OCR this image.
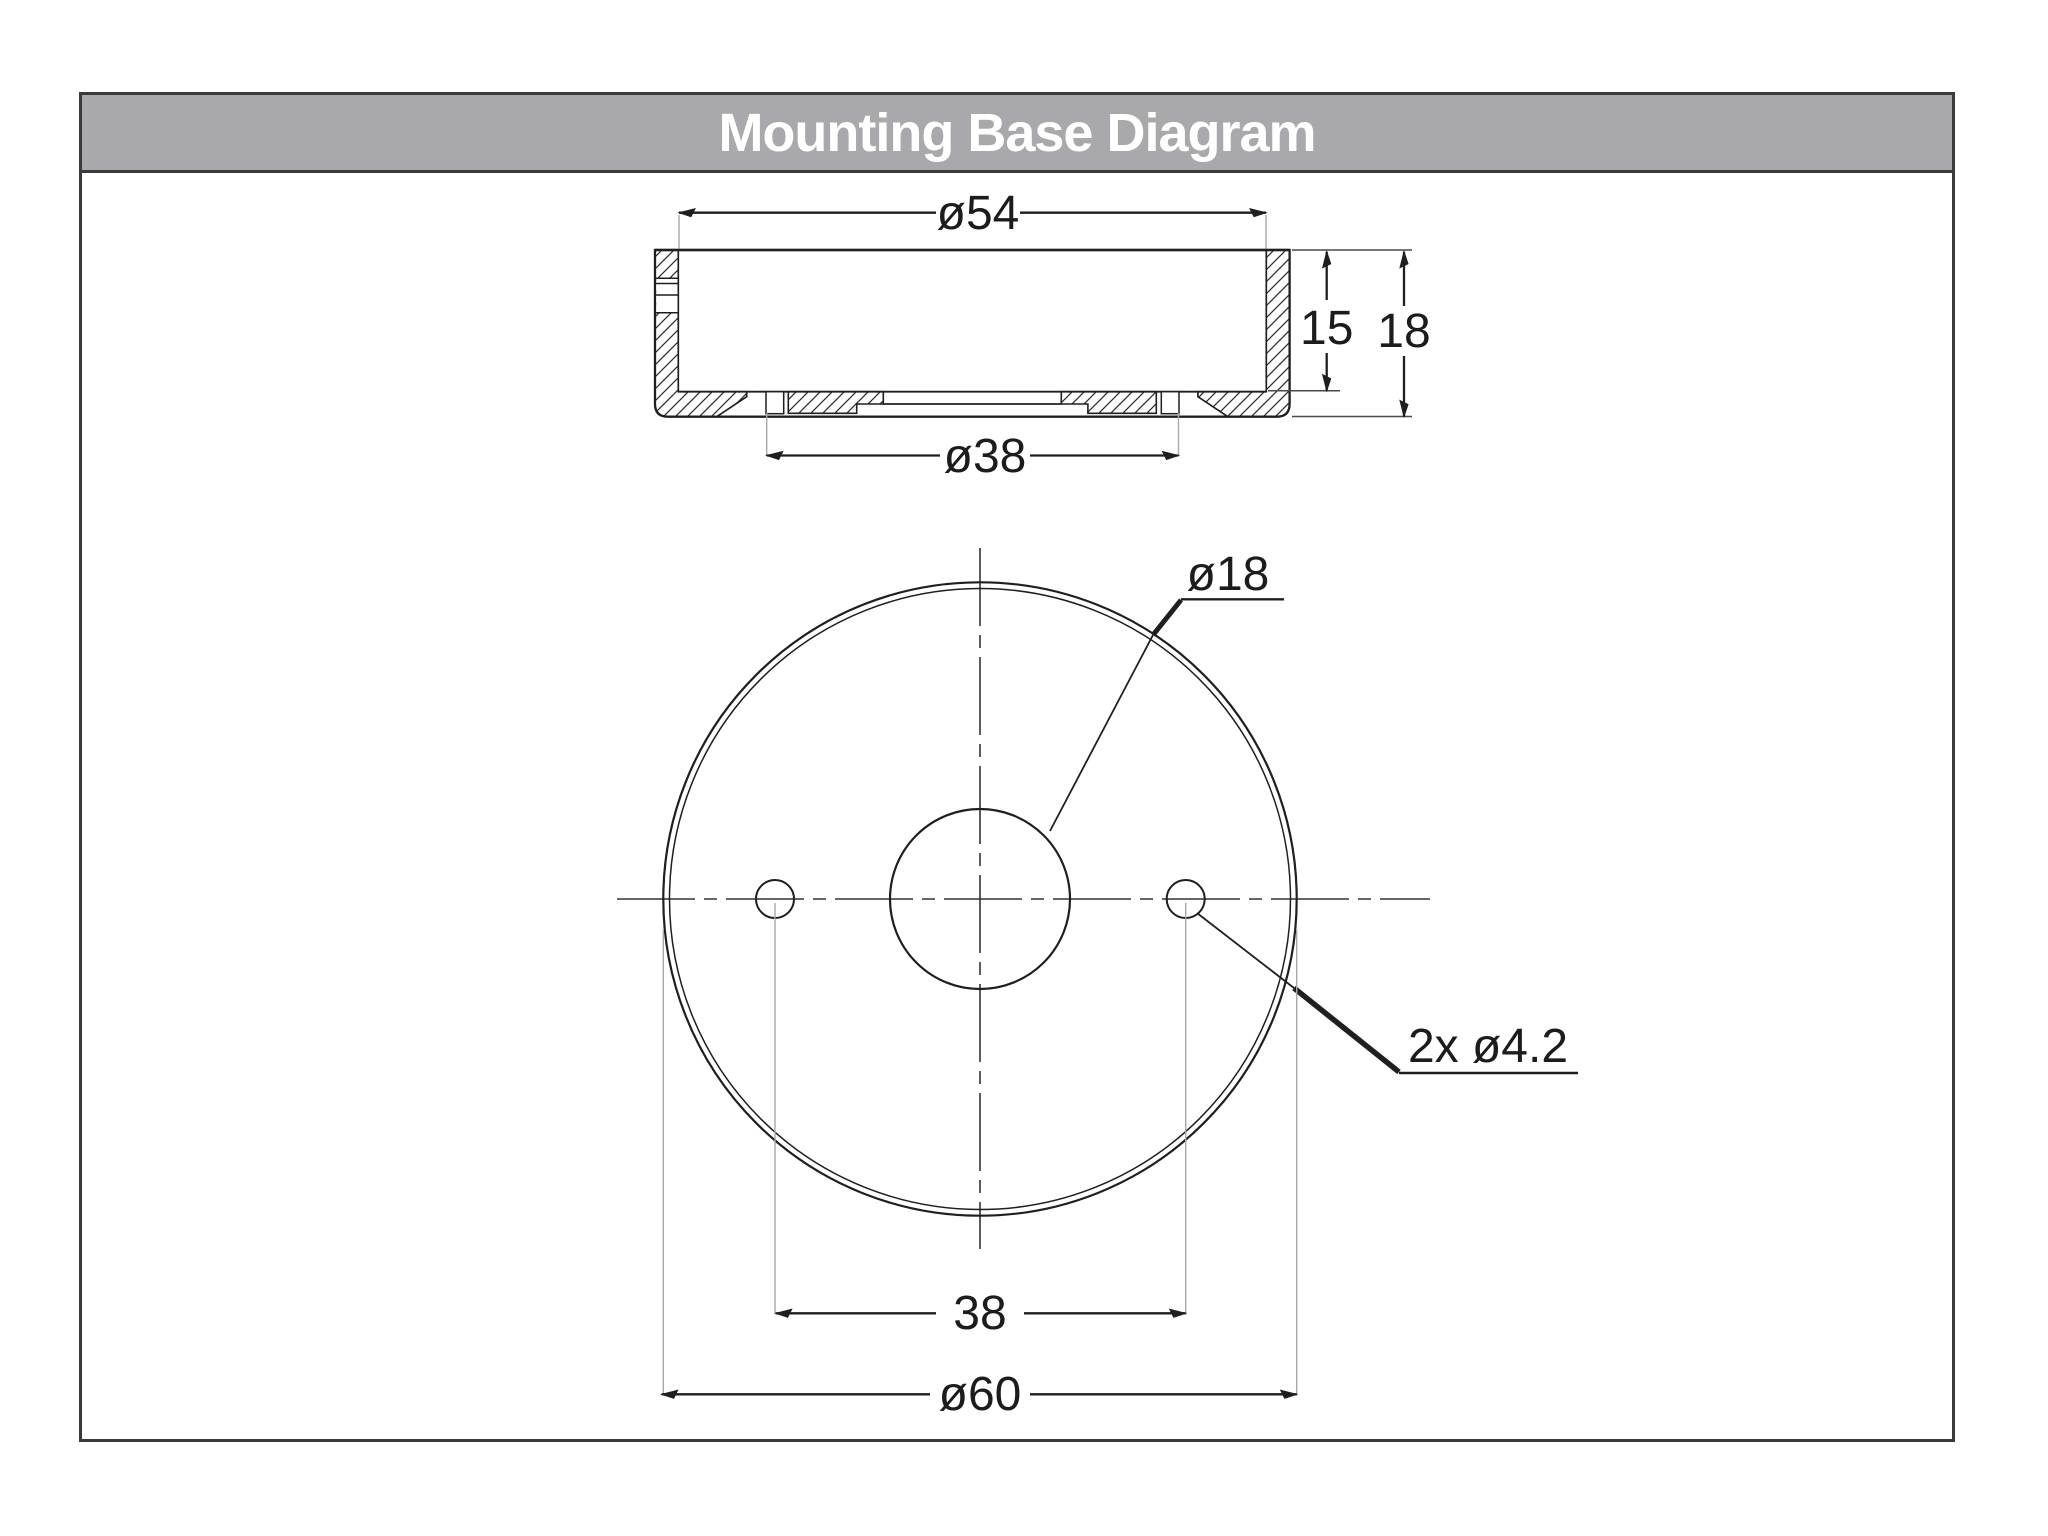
Mounting Base Diagram
ø54
ø38
15 18
ø18
2x ø4.2
38
ø60
